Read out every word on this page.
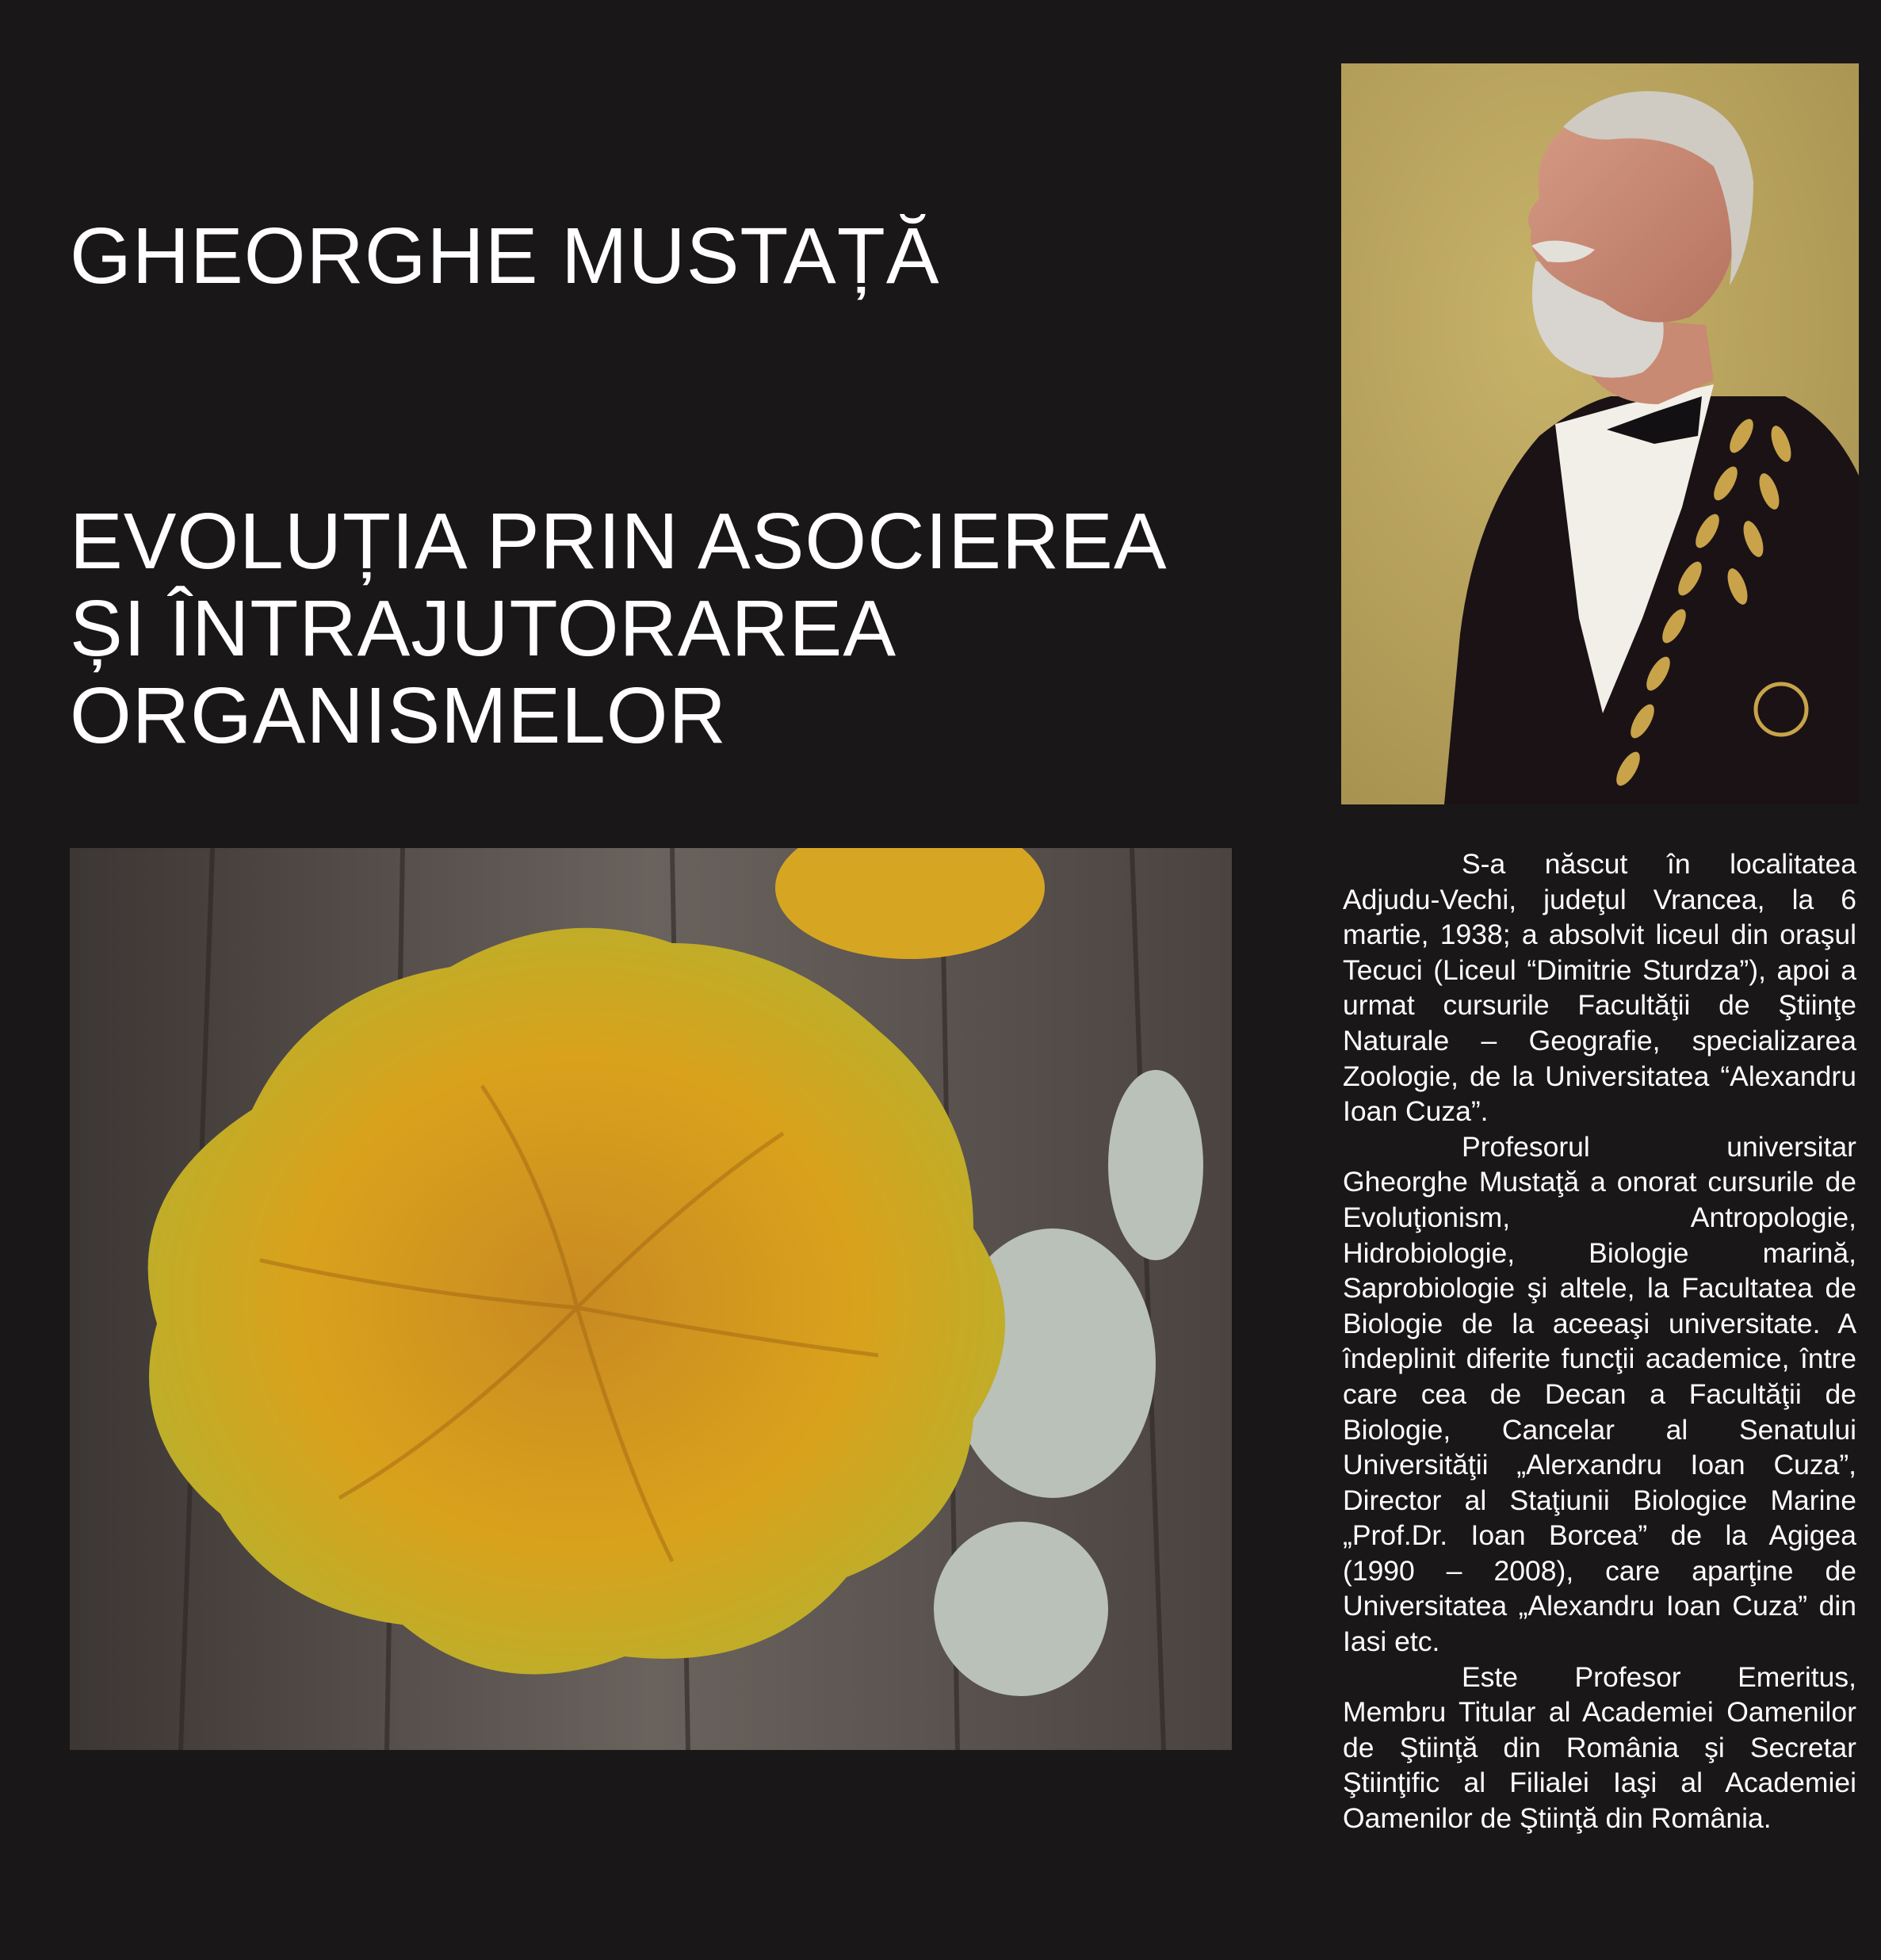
GHEORGHE MUSTAȚĂ
EVOLUȚIA PRIN ASOCIEREA
ȘI ÎNTRAJUTORAREA
ORGANISMELOR

S-a născut în localitatea Adjudu-Vechi, judeţul Vrancea, la 6 martie, 1938; a absolvit liceul din oraşul Tecuci (Liceul “Dimitrie Sturdza”), apoi a urmat cursurile Facultăţii de Ştiinţe Naturale – Geografie, specializarea Zoologie, de la Universitatea “Alexandru Ioan Cuza”.

Profesorul universitar Gheorghe Mustaţă a onorat cursurile de Evoluţionism, Antropologie, Hidrobiologie, Biologie marină, Saprobiologie şi altele, la Facultatea de Biologie de la aceeaşi universitate. A îndeplinit diferite funcţii academice, între care cea de Decan a Facultăţii de Biologie, Cancelar al Senatului Universităţii „Alerxandru Ioan Cuza”, Director al Staţiunii Biologice Marine „Prof.Dr. Ioan Borcea” de la Agigea (1990 – 2008), care aparţine de Universitatea „Alexandru Ioan Cuza” din Iasi etc.

Este Profesor Emeritus, Membru Titular al Academiei Oamenilor de Ştiinţă din România şi Secretar Ştiinţific al Filialei Iaşi al Academiei Oamenilor de Ştiinţă din România.
